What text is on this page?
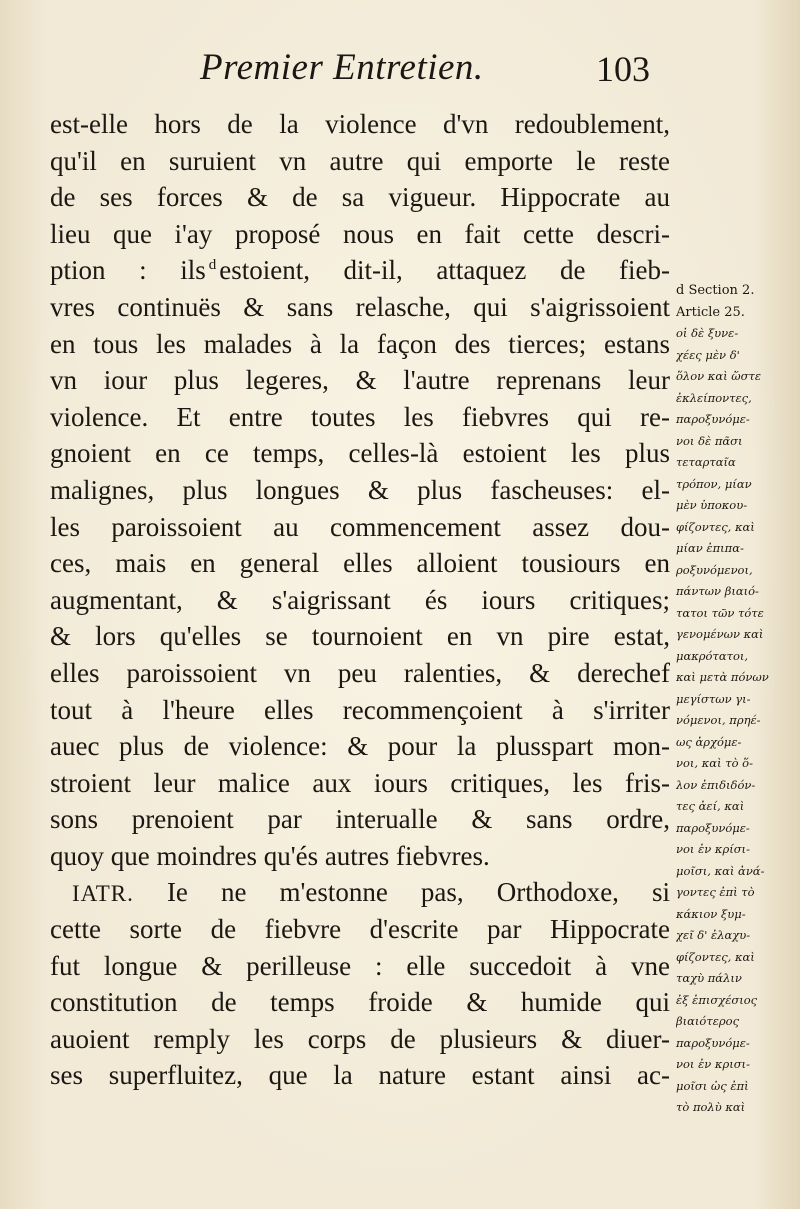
Premier Entretien.	103
est-elle hors de la violence d'vn redoublement,
qu'il en suruient vn autre qui emporte le reste
de ses forces & de sa vigueur. Hippocrate au
lieu que i'ay proposé nous en fait cette descri-
ption : ils $^d$ estoient, dit-il, attaquez de fieb-
vres continuës & sans relasche, qui s'aigrissoient
en tous les malades à la façon des tierces; estans
vn iour plus legeres, & l'autre reprenans leur
violence. Et entre toutes les fiebvres qui re-
gnoient en ce temps, celles-là estoient les plus
malignes, plus longues & plus fascheuses: el-
les paroissoient au commencement assez dou-
ces, mais en general elles alloient tousiours en
augmentant, & s'aigrissant és iours critiques;
& lors qu'elles se tournoient en vn pire estat,
elles paroissoient vn peu ralenties, & derechef
tout à l'heure elles recommençoient à s'irriter
auec plus de violence: & pour la plusspart mon-
stroient leur malice aux iours critiques, les fris-
sons prenoient par interualle & sans ordre,
quoy que moindres qu'és autres fiebvres.
IATR. Ie ne m'estonne pas, Orthodoxe, si
cette sorte de fiebvre d'escrite par Hippocrate
fut longue & perilleuse : elle succedoit à vne
constitution de temps froide & humide qui
auoient remply les corps de plusieurs & diuer-
ses superfluitez, que la nature estant ainsi ac-
d Section 2.
Article 25.
οἱ δὲ ξυνε-
χέες μὲν δ'
ὅλον καὶ ὥστε
ἐκλείποντες,
παροξυνόμε-
νοι δὲ πᾶσι
τεταρταῖα
τρόπον, μίαν
μὲν ὑποκου-
φίζοντες, καὶ
μίαν ἐπιπα-
ροξυνόμενοι,
πάντων βιαιό-
τατοι τῶν τότε
γενομένων καὶ
μακρότατοι,
καὶ μετὰ πόνων
μεγίστων γι-
νόμενοι, πρηέ-
ως ἀρχόμε-
νοι, καὶ τὸ ὅ-
λον ἐπιδιδόν-
τες ἀεί, καὶ
παροξυνόμε-
νοι ἐν κρίσι-
μοῖσι, καὶ ἀνά-
γοντες ἐπὶ τὸ
κάκιον ξυμ-
χεῖ δ' ἐλαχυ-
φίζοντες, καὶ
ταχὺ πάλιν
ἐξ ἐπισχέσιος
βιαιότερος
παροξυνόμε-
νοι ἐν κρισι-
μοῖσι ὡς ἐπὶ
τὸ πολὺ καὶ
